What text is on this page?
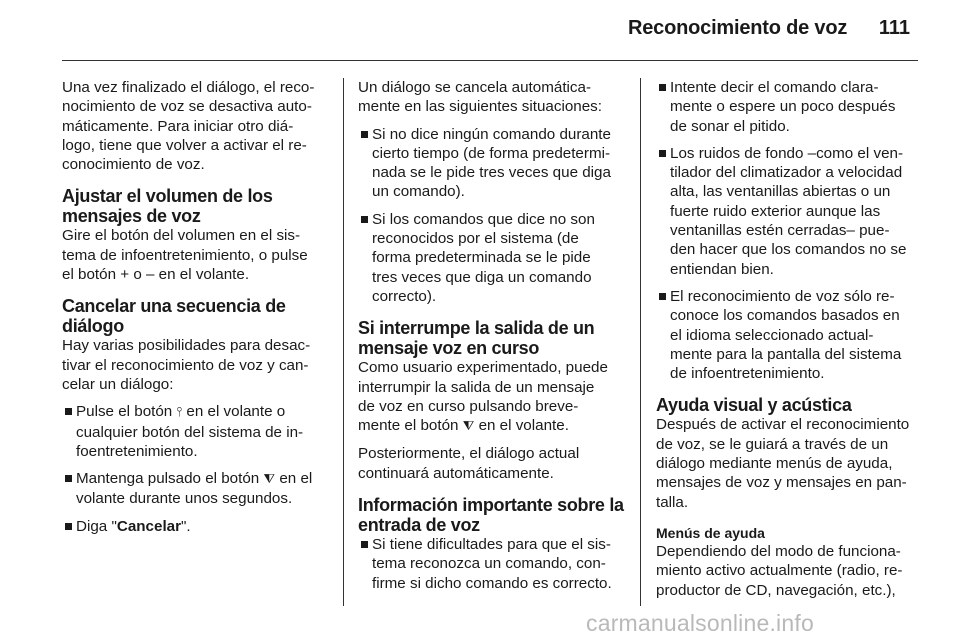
Reconocimiento de voz	111

Una vez finalizado el diálogo, el reco-
nocimiento de voz se desactiva auto-
máticamente. Para iniciar otro diá-
logo, tiene que volver a activar el re-
conocimiento de voz.

Ajustar el volumen de los
mensajes de voz

Gire el botón del volumen en el sis-
tema de infoentretenimiento, o pulse
el botón + o – en el volante.

Cancelar una secuencia de
diálogo

Hay varias posibilidades para desac-
tivar el reconocimiento de voz y can-
celar un diálogo:

Pulse el botón ⫯ en el volante o
cualquier botón del sistema de in-
foentretenimiento.
Mantenga pulsado el botón ⧨ en el
volante durante unos segundos.
Diga "Cancelar".

Un diálogo se cancela automática-
mente en las siguientes situaciones:

Si no dice ningún comando durante
cierto tiempo (de forma predetermi-
nada se le pide tres veces que diga
un comando).
Si los comandos que dice no son
reconocidos por el sistema (de
forma predeterminada se le pide
tres veces que diga un comando
correcto).
Si interrumpe la salida de un
mensaje voz en curso

Como usuario experimentado, puede
interrumpir la salida de un mensaje
de voz en curso pulsando breve-
mente el botón ⧨ en el volante.

Posteriormente, el diálogo actual
continuará automáticamente.

Información importante sobre la
entrada de voz
Si tiene dificultades para que el sis-
tema reconozca un comando, con-
firme si dicho comando es correcto.
Intente decir el comando clara-
mente o espere un poco después
de sonar el pitido.
Los ruidos de fondo –como el ven-
tilador del climatizador a velocidad
alta, las ventanillas abiertas o un
fuerte ruido exterior aunque las
ventanillas estén cerradas– pue-
den hacer que los comandos no se
entiendan bien.
El reconocimiento de voz sólo re-
conoce los comandos basados en
el idioma seleccionado actual-
mente para la pantalla del sistema
de infoentretenimiento.
Ayuda visual y acústica

Después de activar el reconocimiento
de voz, se le guiará a través de un
diálogo mediante menús de ayuda,
mensajes de voz y mensajes en pan-
talla.

Menús de ayuda

Dependiendo del modo de funciona-
miento activo actualmente (radio, re-
productor de CD, navegación, etc.),

carmanualsonline.info
